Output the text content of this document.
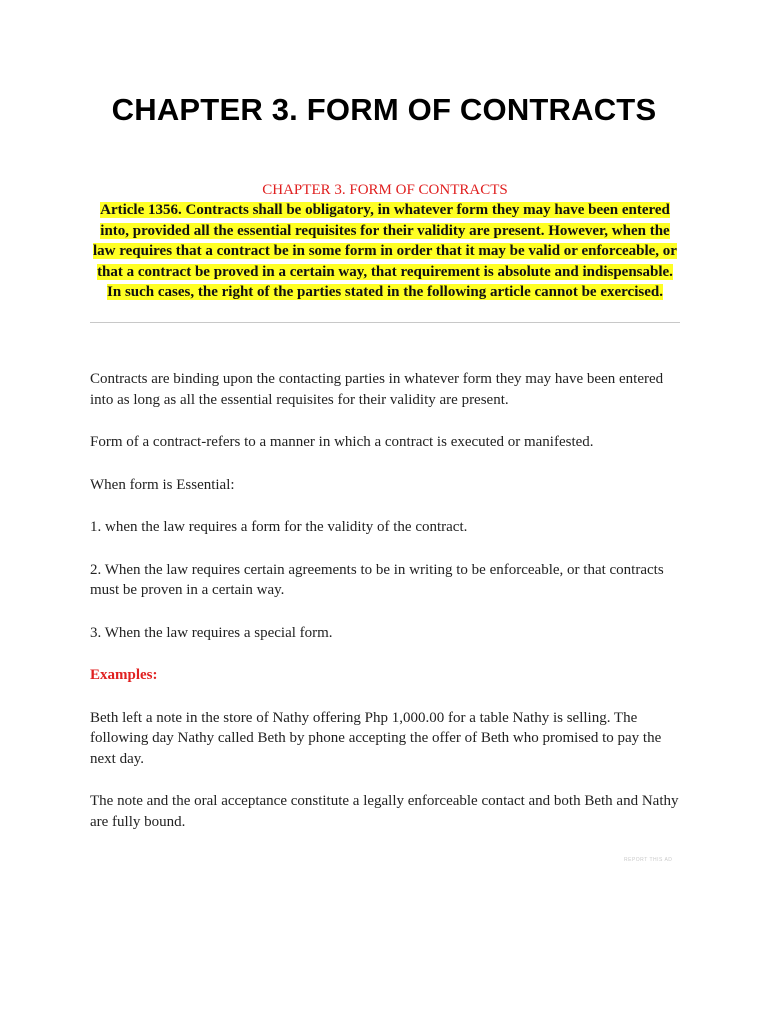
CHAPTER 3. FORM OF CONTRACTS

CHAPTER 3. FORM OF CONTRACTS

Article 1356. Contracts shall be obligatory, in whatever form they may have been entered into, provided all the essential requisites for their validity are present. However, when the law requires that a contract be in some form in order that it may be valid or enforceable, or that a contract be proved in a certain way, that requirement is absolute and indispensable. In such cases, the right of the parties stated in the following article cannot be exercised.

Contracts are binding upon the contacting parties in whatever form they may have been entered into as long as all the essential requisites for their validity are present.

Form of a contract-refers to a manner in which a contract is executed or manifested.

When form is Essential:

1. when the law requires a form for the validity of the contract.

2. When the law requires certain agreements to be in writing to be enforceable, or that contracts must be proven in a certain way.

3. When the law requires a special form.

Examples:

Beth left a note in the store of Nathy offering Php 1,000.00 for a table Nathy is selling. The following day Nathy called Beth by phone accepting the offer of Beth who promised to pay the next day.

The note and the oral acceptance constitute a legally enforceable contact and both Beth and Nathy are fully bound.

REPORT THIS AD
